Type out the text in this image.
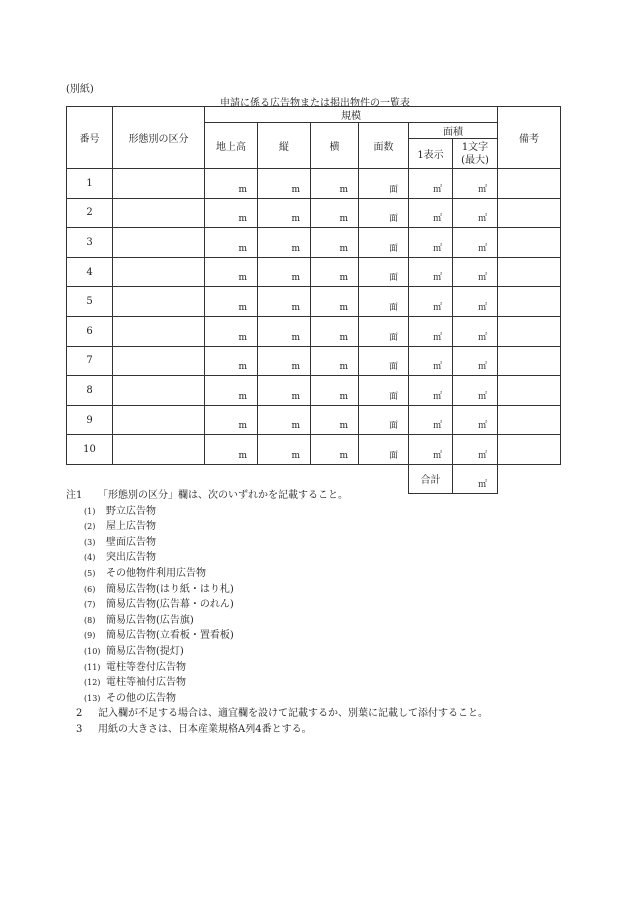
(別紙)
申請に係る広告物または掲出物件の一覧表
番号	形態別の区分	規模						備考
		地上高	縦	横	面数	面積		
						1表示	1文字
(最大)	

1		m	m	m	面	㎡	㎡	

2		m	m	m	面	㎡	㎡	

3		m	m	m	面	㎡	㎡	

4		m	m	m	面	㎡	㎡	

5		m	m	m	面	㎡	㎡	

6		m	m	m	面	㎡	㎡	

7		m	m	m	面	㎡	㎡	

8		m	m	m	面	㎡	㎡	

9		m	m	m	面	㎡	㎡	

10		m	m	m	面	㎡	㎡	

						合計	㎡	

注1 「形態別の区分」欄は、次のいずれかを記載すること。
(1) 野立広告物
(2) 屋上広告物
(3) 壁面広告物
(4) 突出広告物
(5) その他物件利用広告物
(6) 簡易広告物(はり紙・はり札)
(7) 簡易広告物(広告幕・のれん)
(8) 簡易広告物(広告旗)
(9) 簡易広告物(立看板・置看板)
(10) 簡易広告物(提灯)
(11) 電柱等巻付広告物
(12) 電柱等袖付広告物
(13) その他の広告物
2 記入欄が不足する場合は、適宜欄を設けて記載するか、別葉に記載して添付すること。
3 用紙の大きさは、日本産業規格A列4番とする。
